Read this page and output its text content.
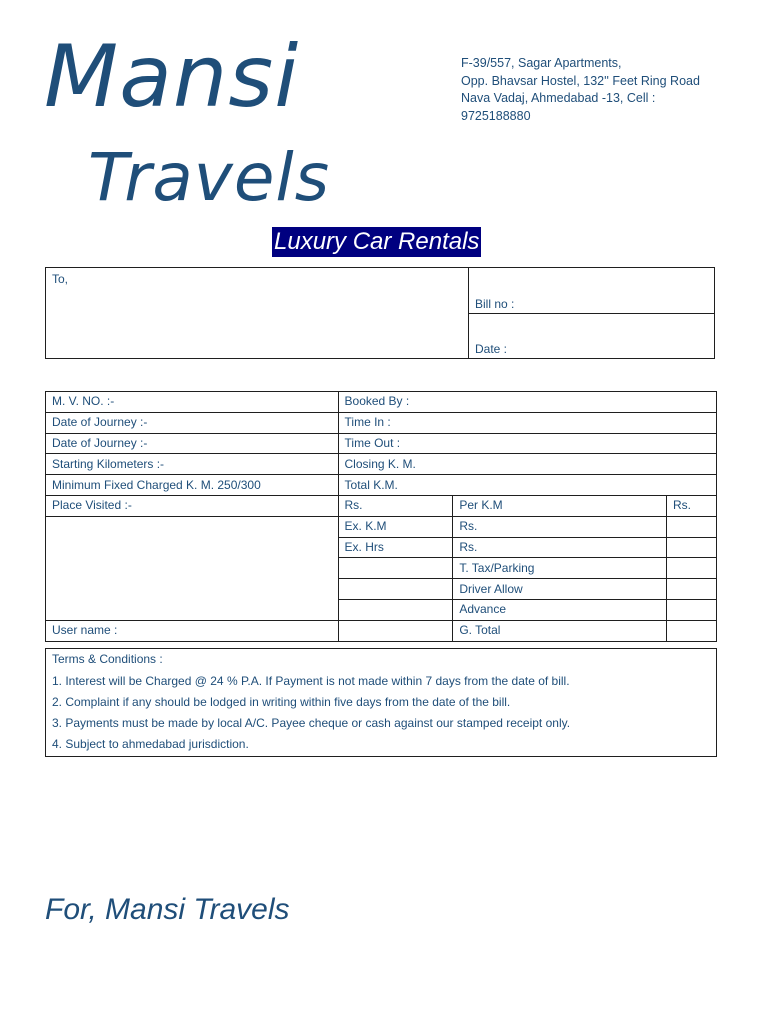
Mansi
Travels
F-39/557, Sagar Apartments,
Opp. Bhavsar Hostel, 132'' Feet Ring Road
Nava Vadaj, Ahmedabad -13, Cell :
9725188880
Luxury Car Rentals
To,	Bill no :
Date :
M. V. NO. :-	Booked By :		
Date of Journey :-	Time In :		
Date of Journey :-	Time Out :		
Starting Kilometers :-	Closing K. M.		
Minimum Fixed Charged K. M. 250/300	Total K.M.		
Place Visited :-	Rs.	Per K.M	Rs.
	Ex. K.M	Rs.	
	Ex. Hrs	Rs.	
		T. Tax/Parking	
		Driver Allow	
		Advance	
User name :		G. Total	
Terms & Conditions :
1. Interest will be Charged @ 24 % P.A. If Payment is not made within 7 days from the date of bill.
2. Complaint if any should be lodged in writing within five days from the date of the bill.
3. Payments must be made by local A/C. Payee cheque or cash against our stamped receipt only.
4. Subject to ahmedabad jurisdiction.
For, Mansi Travels
